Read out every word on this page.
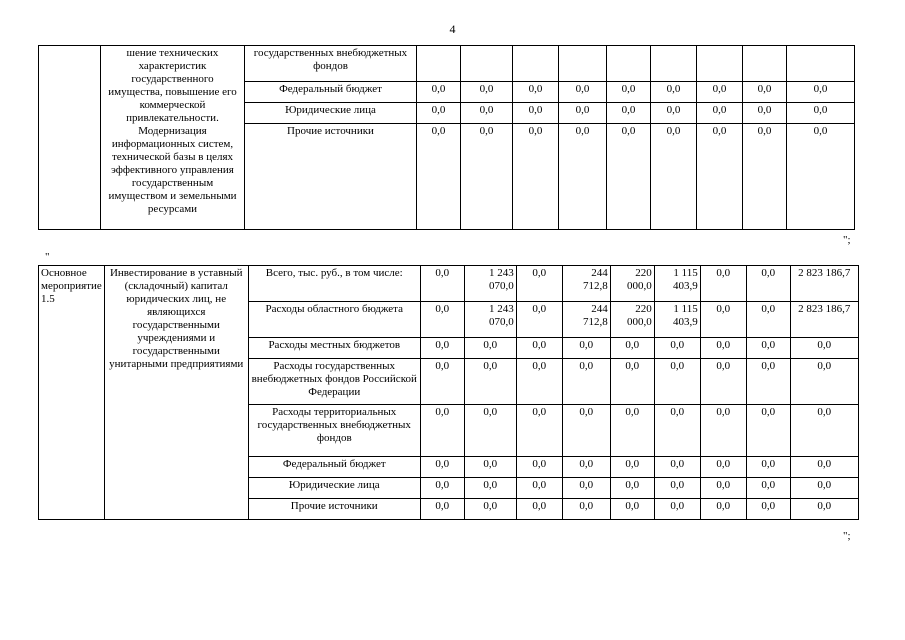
4
	шение технических характеристик государственного имущества, повышение его коммерческой привлекательности. Модернизация информационных систем, технической базы в целях эффективного управления государственным имуществом и земельными ресурсами	государственных внебюджетных фондов									
		Федеральный бюджет	0,0	0,0	0,0	0,0	0,0	0,0	0,0	0,0	0,0
		Юридические лица	0,0	0,0	0,0	0,0	0,0	0,0	0,0	0,0	0,0
		Прочие источники	0,0	0,0	0,0	0,0	0,0	0,0	0,0	0,0	0,0
";
"
Основное мероприятие 1.5	Инвестирование в уставный (складочный) капитал юридических лиц, не являющихся государственными учреждениями и государственными унитарными предприятиями	Всего, тыс. руб., в том числе:	0,0	1 243 070,0	0,0	244 712,8	220 000,0	1 115 403,9	0,0	0,0	2 823 186,7
		Расходы областного бюджета	0,0	1 243 070,0	0,0	244 712,8	220 000,0	1 115 403,9	0,0	0,0	2 823 186,7
		Расходы местных бюджетов	0,0	0,0	0,0	0,0	0,0	0,0	0,0	0,0	0,0
		Расходы государственных внебюджетных фондов Российской Федерации	0,0	0,0	0,0	0,0	0,0	0,0	0,0	0,0	0,0
		Расходы территориальных государственных внебюджетных фондов	0,0	0,0	0,0	0,0	0,0	0,0	0,0	0,0	0,0
		Федеральный бюджет	0,0	0,0	0,0	0,0	0,0	0,0	0,0	0,0	0,0
		Юридические лица	0,0	0,0	0,0	0,0	0,0	0,0	0,0	0,0	0,0
		Прочие источники	0,0	0,0	0,0	0,0	0,0	0,0	0,0	0,0	0,0
";
